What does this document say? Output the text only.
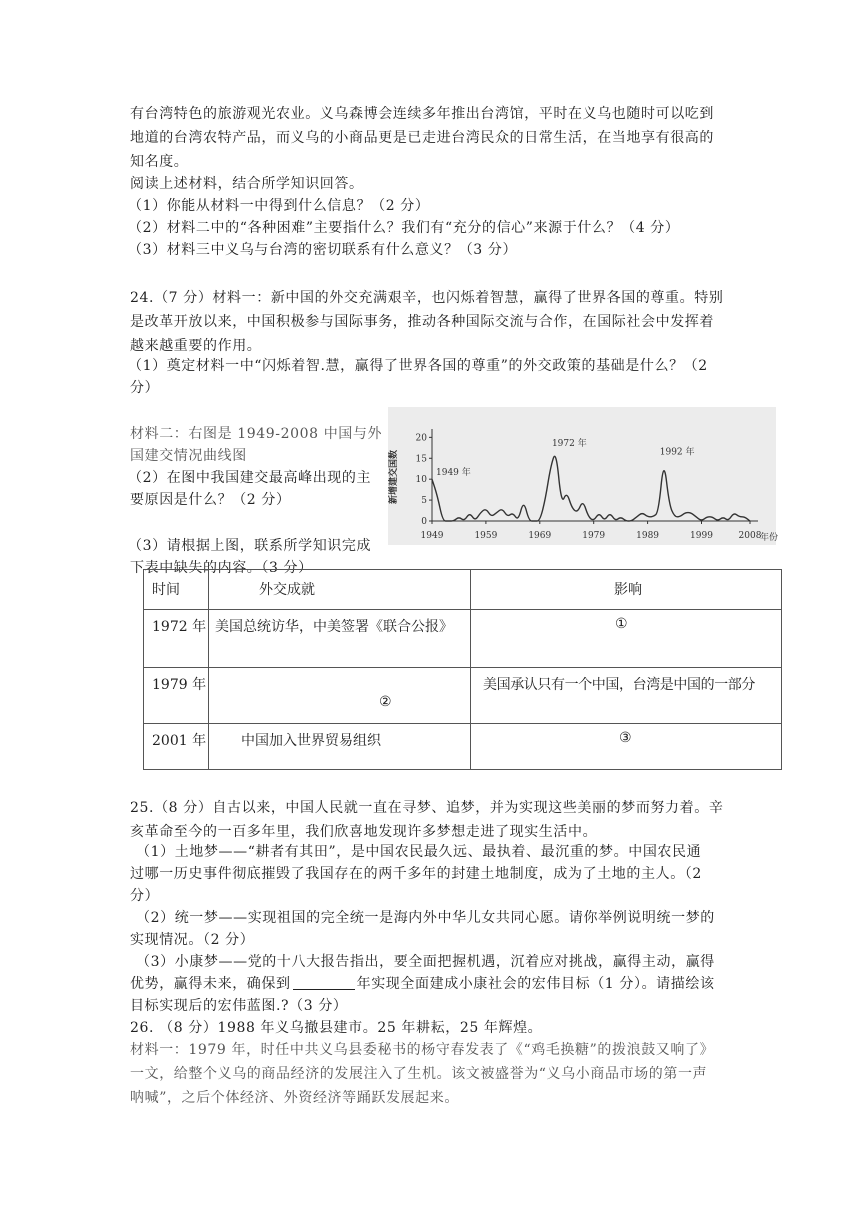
有台湾特色的旅游观光农业。义乌森博会连续多年推出台湾馆，平时在义乌也随时可以吃到
地道的台湾农特产品，而义乌的小商品更是已走进台湾民众的日常生活，在当地享有很高的
知名度。
阅读上述材料，结合所学知识回答。
（1）你能从材料一中得到什么信息？（2 分）
（2）材料二中的“各种困难”主要指什么？我们有“充分的信心”来源于什么？（4 分）
（3）材料三中义乌与台湾的密切联系有什么意义？（3 分）
24.（7 分）材料一：新中国的外交充满艰辛，也闪烁着智慧，赢得了世界各国的尊重。特别
是改革开放以来，中国积极参与国际事务，推动各种国际交流与合作，在国际社会中发挥着
越来越重要的作用。
（1）奠定材料一中“闪烁着智.慧，赢得了世界各国的尊重”的外交政策的基础是什么？（2
分）
材料二：右图是 1949-2008 中国与外
国建交情况曲线图
（2）在图中我国建交最高峰出现的主
要原因是什么？（2 分）
（3）请根据上图，联系所学知识完成
下表中缺失的内容。（3 分）
新增建交国数
0
5
10
15
20
1949	1959	1969	1979	1989	1999	2008
1949 年
1972 年
1992 年
年份
时间	外交成就	影响

1972 年	美国总统访华，中美签署《联合公报》	①

1979 年	②	美国承认只有一个中国，台湾是中国的一部分

2001 年	中国加入世界贸易组织	③
25.（8 分）自古以来，中国人民就一直在寻梦、追梦，并为实现这些美丽的梦而努力着。辛
亥革命至今的一百多年里，我们欣喜地发现许多梦想走进了现实生活中。
（1）土地梦——“耕者有其田”，是中国农民最久远、最执着、最沉重的梦。中国农民通
过哪一历史事件彻底摧毁了我国存在的两千多年的封建土地制度，成为了土地的主人。（2
分）
（2）统一梦——实现祖国的完全统一是海内外中华儿女共同心愿。请你举例说明统一梦的
实现情况。（2 分）
（3）小康梦——党的十八大报告指出，要全面把握机遇，沉着应对挑战，赢得主动，赢得
优势，赢得未来，确保到	年实现全面建成小康社会的宏伟目标（1 分）。请描绘该
目标实现后的宏伟蓝图.?（3 分）
26. （8 分）1988 年义乌撤县建市。25 年耕耘，25 年辉煌。
材料一：1979 年，时任中共义乌县委秘书的杨守春发表了《“鸡毛换糖”的拨浪鼓又响了》
一文，给整个义乌的商品经济的发展注入了生机。该文被盛誉为“义乌小商品市场的第一声
呐喊”，之后个体经济、外资经济等踊跃发展起来。
